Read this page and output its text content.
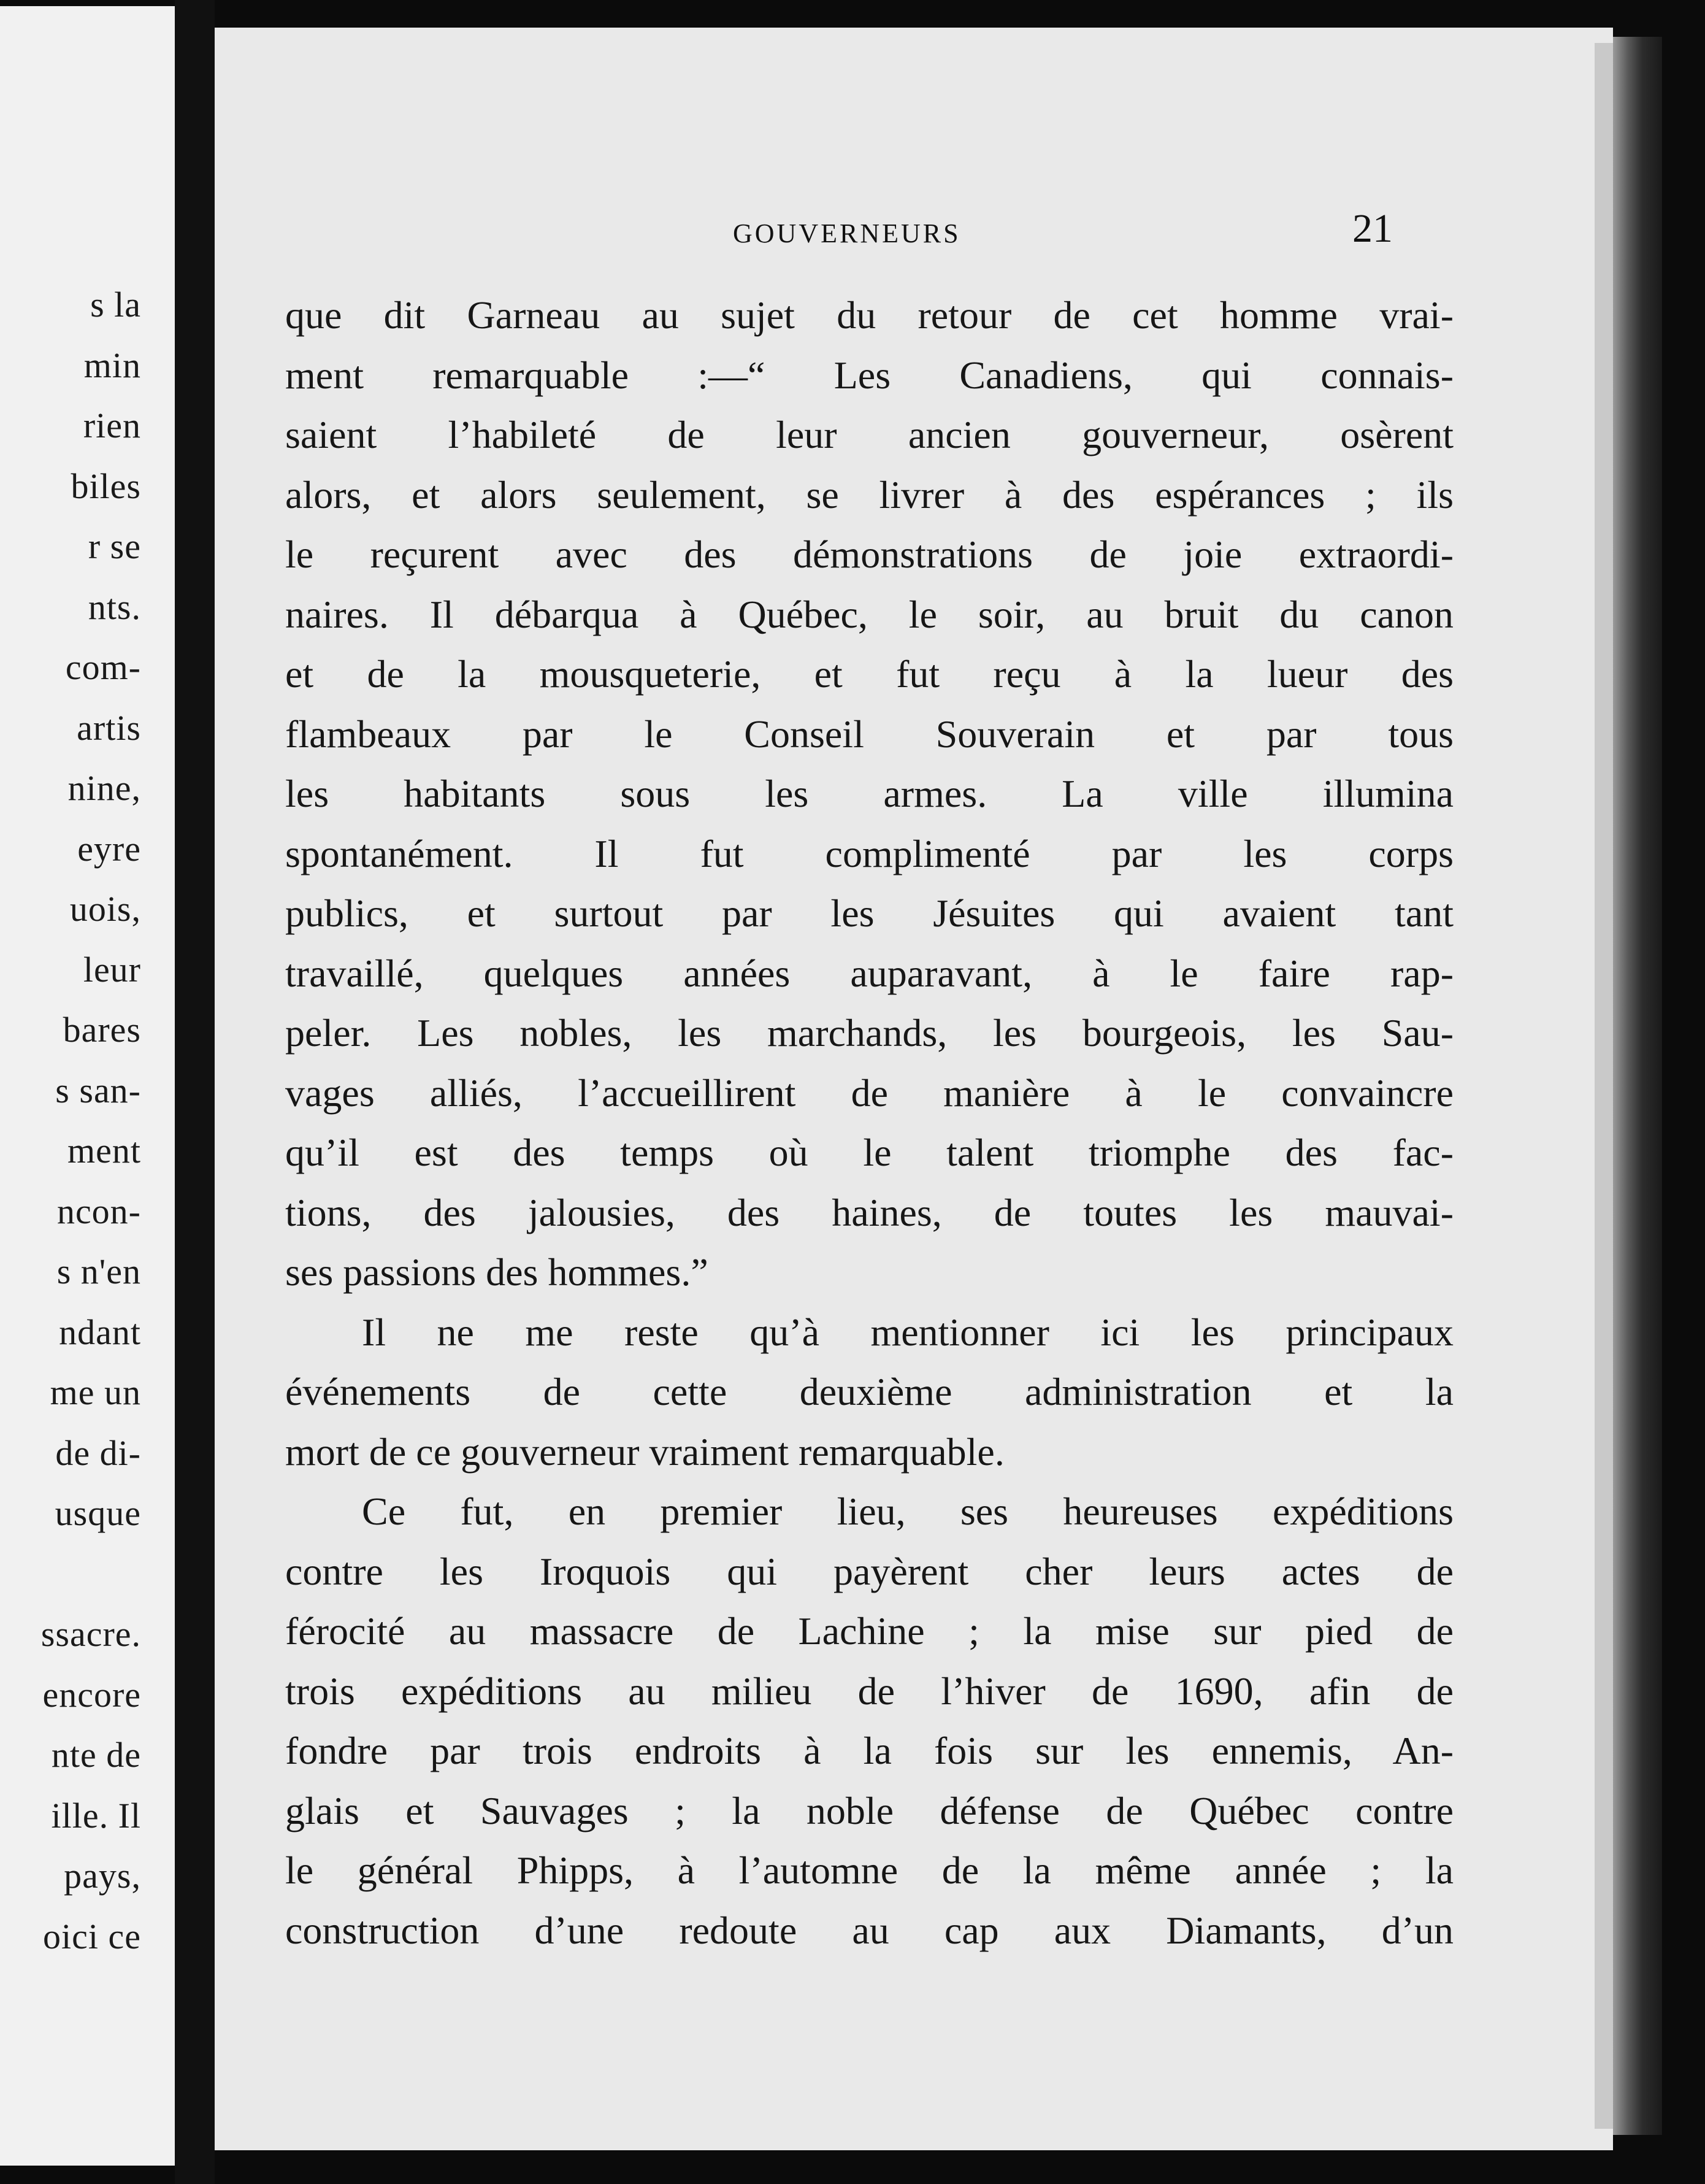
s la
min
rien
biles
r se
nts.
com-
artis
nine,
eyre
uois,
leur
bares
s san-
ment
ncon-
s n'en
ndant
me un
de di-
usque
ssacre.
encore
nte de
ille. Il
pays,
oici ce
GOUVERNEURS	21
que dit Garneau au sujet du retour de cet homme vrai-
ment remarquable :—“ Les Canadiens, qui connais-
saient l’habileté de leur ancien gouverneur, osèrent
alors, et alors seulement, se livrer à des espérances ; ils
le reçurent avec des démonstrations de joie extraordi-
naires. Il débarqua à Québec, le soir, au bruit du canon
et de la mousqueterie, et fut reçu à la lueur des
flambeaux par le Conseil Souverain et par tous
les habitants sous les armes. La ville illumina
spontanément. Il fut complimenté par les corps
publics, et surtout par les Jésuites qui avaient tant
travaillé, quelques années auparavant, à le faire rap-
peler. Les nobles, les marchands, les bourgeois, les Sau-
vages alliés, l’accueillirent de manière à le convaincre
qu’il est des temps où le talent triomphe des fac-
tions, des jalousies, des haines, de toutes les mauvai-
ses passions des hommes.”
Il ne me reste qu’à mentionner ici les principaux
événements de cette deuxième administration et la
mort de ce gouverneur vraiment remarquable.
Ce fut, en premier lieu, ses heureuses expéditions
contre les Iroquois qui payèrent cher leurs actes de
férocité au massacre de Lachine ; la mise sur pied de
trois expéditions au milieu de l’hiver de 1690, afin de
fondre par trois endroits à la fois sur les ennemis, An-
glais et Sauvages ; la noble défense de Québec contre
le général Phipps, à l’automne de la même année ; la
construction d’une redoute au cap aux Diamants, d’un
